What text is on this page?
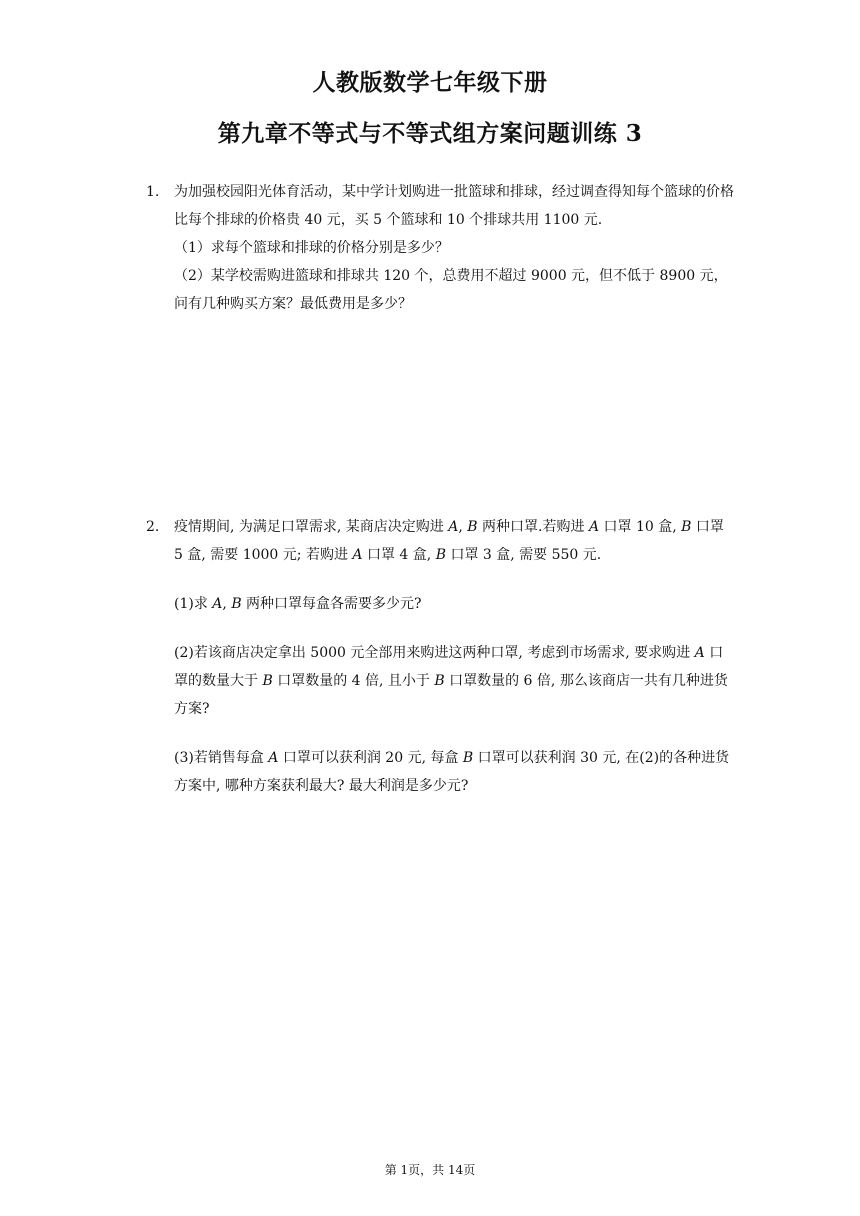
人教版数学七年级下册
第九章不等式与不等式组方案问题训练 3
1.	为加强校园阳光体育活动，某中学计划购进一批篮球和排球，经过调查得知每个篮球的价格比每个排球的价格贵 40 元，买 5 个篮球和 10 个排球共用 1100 元.

（1）求每个篮球和排球的价格分别是多少？

（2）某学校需购进篮球和排球共 120 个，总费用不超过 9000 元，但不低于 8900 元，问有几种购买方案？最低费用是多少？

2.	疫情期间, 为满足口罩需求, 某商店决定购进 A, B 两种口罩.若购进 A 口罩 10 盒, B 口罩 5 盒, 需要 1000 元; 若购进 A 口罩 4 盒, B 口罩 3 盒, 需要 550 元.

(1)求 A, B 两种口罩每盒各需要多少元?

(2)若该商店决定拿出 5000 元全部用来购进这两种口罩, 考虑到市场需求, 要求购进 A 口罩的数量大于 B 口罩数量的 4 倍, 且小于 B 口罩数量的 6 倍, 那么该商店一共有几种进货方案?

(3)若销售每盒 A 口罩可以获利润 20 元, 每盒 B 口罩可以获利润 30 元, 在(2)的各种进货方案中, 哪种方案获利最大? 最大利润是多少元?

第 1页，共 14页
